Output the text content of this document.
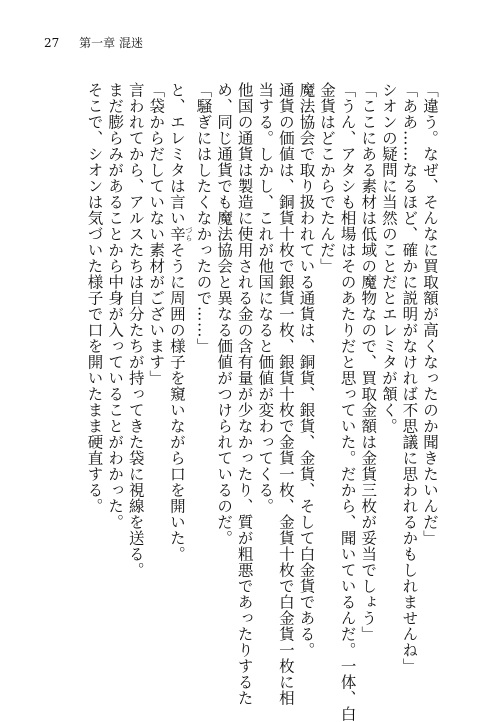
27 第一章 混迷
「違う。なぜ、そんなに買取額が高くなったのか聞きたいんだ」
「ああ……なるほど、確かに説明がなければ不思議に思われるかもしれませんね」
シオンの疑問に当然のことだとエレミタが頷く。
「ここにある素材は低域の魔物なので、買取金額は金貨三枚が妥当でしょう」
「うん、アタシも相場はそのあたりだと思っていた。だから、聞いているんだ。一体、白
金貨はどこからでたんだ」
魔法協会で取り扱われている通貨は、銅貨、銀貨、金貨、そして白金貨である。
通貨の価値は、銅貨十枚で銀貨一枚、銀貨十枚で金貨一枚、金貨十枚で白金貨一枚に相
当する。しかし、これが他国になると価値が変わってくる。
他国の通貨は製造に使用される金の含有量が少なかったり、質が粗悪であったりするた
め、同じ通貨でも魔法協会と異なる価値がつけられているのだ。
「騒ぎにはしたくなかったので……」
と、エレミタは言い辛 づらそうに周囲の様子を窺いながら口を開いた。
「袋からだしていない素材がございます」
言われてから、アルスたちは自分たちが持ってきた袋に視線を送る。
まだ膨らみがあることから中身が入っていることがわかった。
そこで、シオンは気づいた様子で口を開いたまま硬直する。
